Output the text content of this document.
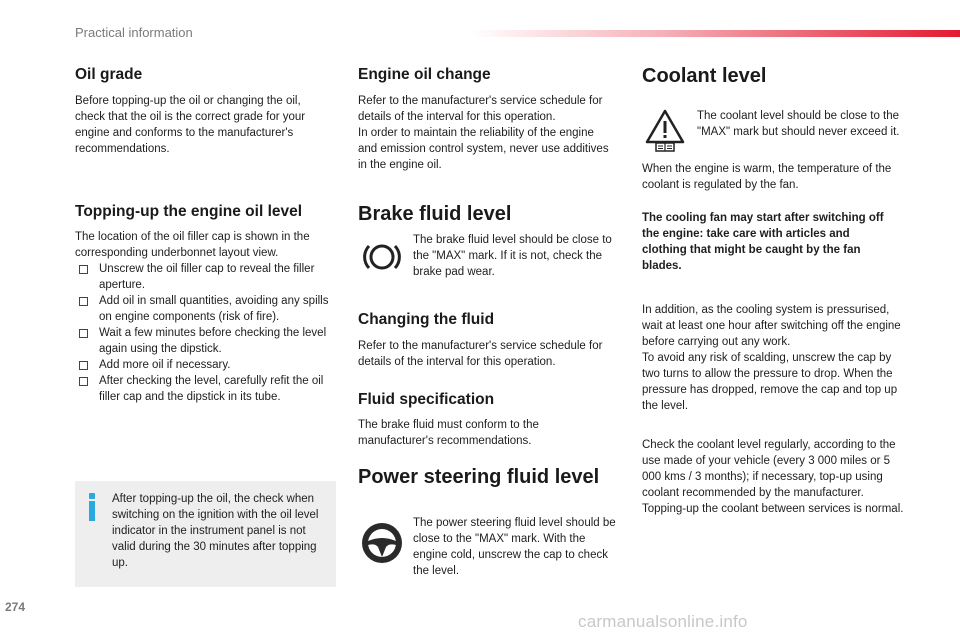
Practical information
Oil grade

Before topping-up the oil or changing the oil, check that the oil is the correct grade for your engine and conforms to the manufacturer's recommendations.

Topping-up the engine oil level

The location of the oil filler cap is shown in the corresponding underbonnet layout view.

Unscrew the oil filler cap to reveal the filler aperture.
Add oil in small quantities, avoiding any spills on engine components (risk of fire).
Wait a few minutes before checking the level again using the dipstick.
Add more oil if necessary.
After checking the level, carefully refit the oil filler cap and the dipstick in its tube.

After topping-up the oil, the check when switching on the ignition with the oil level indicator in the instrument panel is not valid during the 30 minutes after topping up.

Engine oil change

Refer to the manufacturer's service schedule for details of the interval for this operation.
In order to maintain the reliability of the engine and emission control system, never use additives in the engine oil.

Brake fluid level

The brake fluid level should be close to the "MAX" mark. If it is not, check the brake pad wear.

Changing the fluid

Refer to the manufacturer's service schedule for details of the interval for this operation.

Fluid specification

The brake fluid must conform to the manufacturer's recommendations.

Power steering fluid level

The power steering fluid level should be close to the "MAX" mark. With the engine cold, unscrew the cap to check the level.

Coolant level

The coolant level should be close to the "MAX" mark but should never exceed it.

When the engine is warm, the temperature of the coolant is regulated by the fan.

The cooling fan may start after switching off the engine: take care with articles and clothing that might be caught by the fan blades.

In addition, as the cooling system is pressurised, wait at least one hour after switching off the engine before carrying out any work.
To avoid any risk of scalding, unscrew the cap by two turns to allow the pressure to drop. When the pressure has dropped, remove the cap and top up the level.

Check the coolant level regularly, according to the use made of your vehicle (every 3 000 miles or 5 000 kms / 3 months); if necessary, top-up using coolant recommended by the manufacturer.
Topping-up the coolant between services is normal.

274
carmanualsonline.info
